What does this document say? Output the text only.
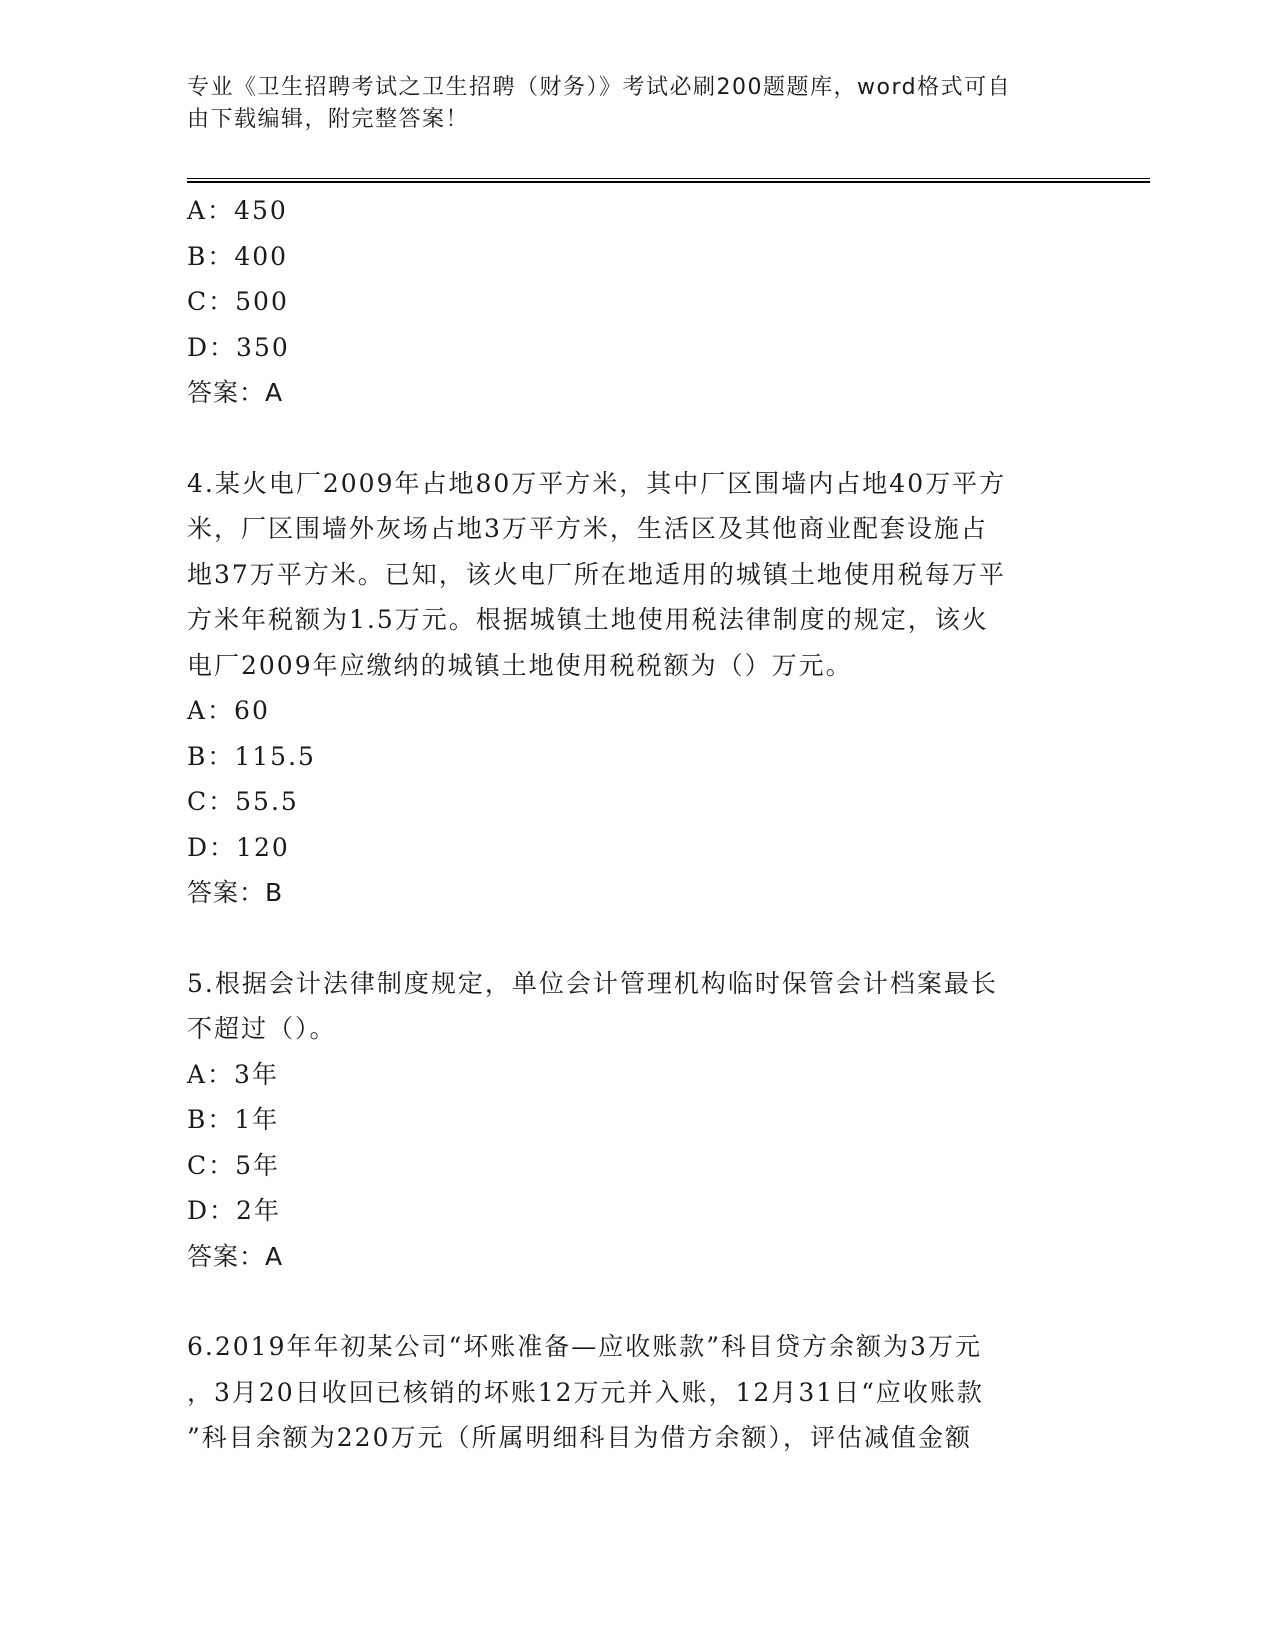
专业《卫生招聘考试之卫生招聘（财务）》考试必刷200题题库，word格式可自
由下载编辑，附完整答案！
A：450
B：400
C：500
D：350
答案：A
4.某火电厂2009年占地80万平方米，其中厂区围墙内占地40万平方
米，厂区围墙外灰场占地3万平方米，生活区及其他商业配套设施占
地37万平方米。已知，该火电厂所在地适用的城镇土地使用税每万平
方米年税额为1.5万元。根据城镇土地使用税法律制度的规定，该火
电厂2009年应缴纳的城镇土地使用税税额为（）万元。
A：60
B：115.5
C：55.5
D：120
答案：B
5.根据会计法律制度规定，单位会计管理机构临时保管会计档案最长
不超过（）。
A：3年
B：1年
C：5年
D：2年
答案：A
6.2019年年初某公司“坏账准备—应收账款”科目贷方余额为3万元
，3月20日收回已核销的坏账12万元并入账，12月31日“应收账款
”科目余额为220万元（所属明细科目为借方余额），评估减值金额
